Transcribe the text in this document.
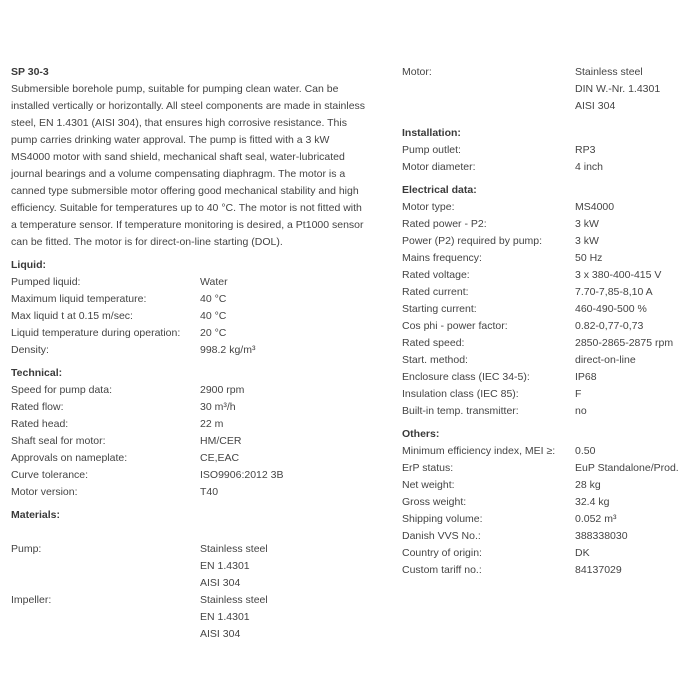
SP 30-3

Submersible borehole pump, suitable for pumping clean water. Can be installed vertically or horizontally. All steel components are made in stainless steel, EN 1.4301 (AISI 304), that ensures high corrosive resistance. This pump carries drinking water approval. The pump is fitted with a 3 kW MS4000 motor with sand shield, mechanical shaft seal, water-lubricated journal bearings and a volume compensating diaphragm. The motor is a canned type submersible motor offering good mechanical stability and high efficiency. Suitable for temperatures up to 40 °C. The motor is not fitted with a temperature sensor. If temperature monitoring is desired, a Pt1000 sensor can be fitted. The motor is for direct-on-line starting (DOL).

Liquid:
Pumped liquid:	Water
Maximum liquid temperature:	40 °C
Max liquid t at 0.15 m/sec:	40 °C
Liquid temperature during operation:	20 °C
Density:	998.2 kg/m³
Technical:
Speed for pump data:	2900 rpm
Rated flow:	30 m³/h
Rated head:	22 m
Shaft seal for motor:	HM/CER
Approvals on nameplate:	CE,EAC
Curve tolerance:	ISO9906:2012 3B
Motor version:	T40
Materials:
Pump:	Stainless steel
EN 1.4301
AISI 304
Impeller:	Stainless steel
EN 1.4301
AISI 304
Motor:	Stainless steel
DIN W.-Nr. 1.4301
AISI 304
Installation:
Pump outlet:	RP3
Motor diameter:	4 inch
Electrical data:
Motor type:	MS4000
Rated power - P2:	3 kW
Power (P2) required by pump:	3 kW
Mains frequency:	50 Hz
Rated voltage:	3 x 380-400-415 V
Rated current:	7.70-7,85-8,10 A
Starting current:	460-490-500 %
Cos phi - power factor:	0.82-0,77-0,73
Rated speed:	2850-2865-2875 rpm
Start. method:	direct-on-line
Enclosure class (IEC 34-5):	IP68
Insulation class (IEC 85):	F
Built-in temp. transmitter:	no
Others:
Minimum efficiency index, MEI ≥:	0.50
ErP status:	EuP Standalone/Prod.
Net weight:	28 kg
Gross weight:	32.4 kg
Shipping volume:	0.052 m³
Danish VVS No.:	388338030
Country of origin:	DK
Custom tariff no.:	84137029
